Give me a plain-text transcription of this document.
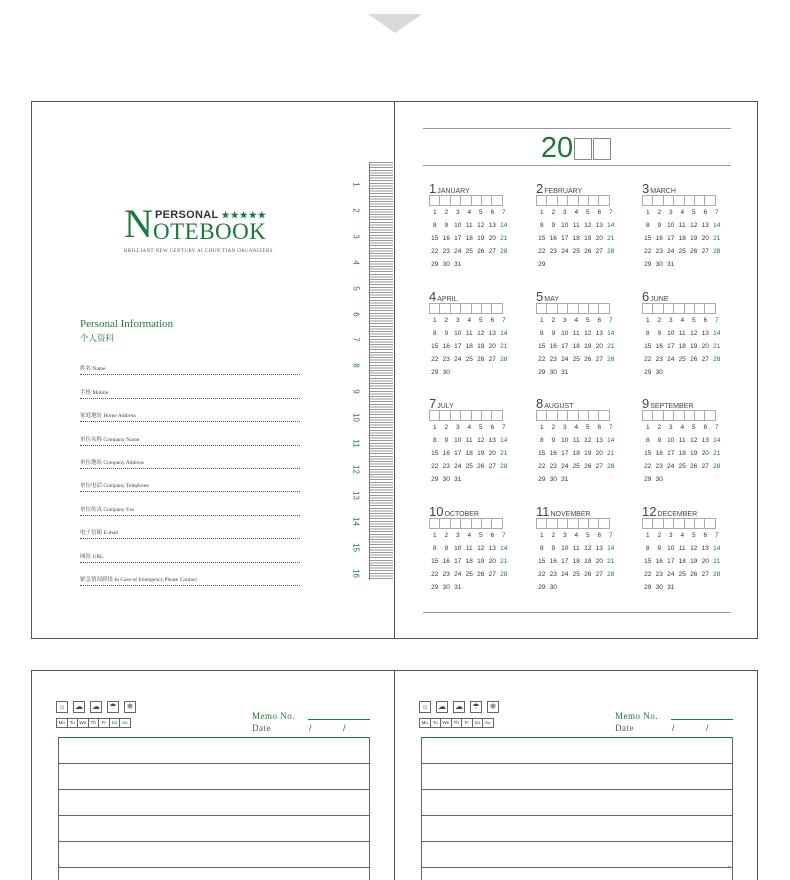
N PERSONAL ★★★★★
OTEBOOK
BRILLIANT NEW CENTURY AI CHUN TIAN ORGANIZERS
Personal Information
个人资料
姓名 Name
手机 Mobile
家庭地址 Home Address
单位名称 Company Name
单位地址 Company Address
单位电话 Company Telephone
单位传真 Company Fax
电子信箱 E-mail
网址 URL
紧急情况联络 In Case of Emergency,Please Contact
1
2
3
4
5
6
7
8
9
10
11
12
13
14
15
16
20
1JANUARY
1	2	3	4	5	6	7
8	9 10 11 12 13 14
15 16 17 18 19 20 21
22 23 24 25 26 27 28
29 30 31
2FEBRUARY
1	2	3	4	5	6	7
8	9 10 11 12 13 14
15 16 17 18 19 20 21
22 23 24 25 26 27 28
29
3MARCH
1	2	3	4	5	6	7
8	9 10 11 12 13 14
15 16 17 18 19 20 21
22 23 24 25 26 27 28
29 30 31
4APRIL
1	2	3	4	5	6	7
8	9 10 11 12 13 14
15 16 17 18 19 20 21
22 23 24 25 26 27 28
29 30
5MAY
1	2	3	4	5	6	7
8	9 10 11 12 13 14
15 16 17 18 19 20 21
22 23 24 25 26 27 28
29 30 31
6JUNE
1	2	3	4	5	6	7
8	9 10 11 12 13 14
15 16 17 18 19 20 21
22 23 24 25 26 27 28
29 30
7JULY
1	2	3	4	5	6	7
8	9 10 11 12 13 14
15 16 17 18 19 20 21
22 23 24 25 26 27 28
29 30 31
8AUGUST
1	2	3	4	5	6	7
8	9 10 11 12 13 14
15 16 17 18 19 20 21
22 23 24 25 26 27 28
29 30 31
9SEPTEMBER
1	2	3	4	5	6	7
8	9 10 11 12 13 14
15 16 17 18 19 20 21
22 23 24 25 26 27 28
29 30
10OCTOBER
1	2	3	4	5	6	7
8	9 10 11 12 13 14
15 16 17 18 19 20 21
22 23 24 25 26 27 28
29 30 31
11NOVEMBER
1	2	3	4	5	6	7
8	9 10 11 12 13 14
15 16 17 18 19 20 21
22 23 24 25 26 27 28
29 30
12DECEMBER
1	2	3	4	5	6	7
8	9 10 11 12 13 14
15 16 17 18 19 20 21
22 23 24 25 26 27 28
29 30 31
☼ ☁ ☁	☂	❄
Mo	Tu	We	Th	Fr	Sa	Su
Memo No.
Date	/	/
5
☼ ☁ ☁	☂	❄
Mo	Tu	We	Th	Fr	Sa	Su
Memo No.
Date	/	/
5
